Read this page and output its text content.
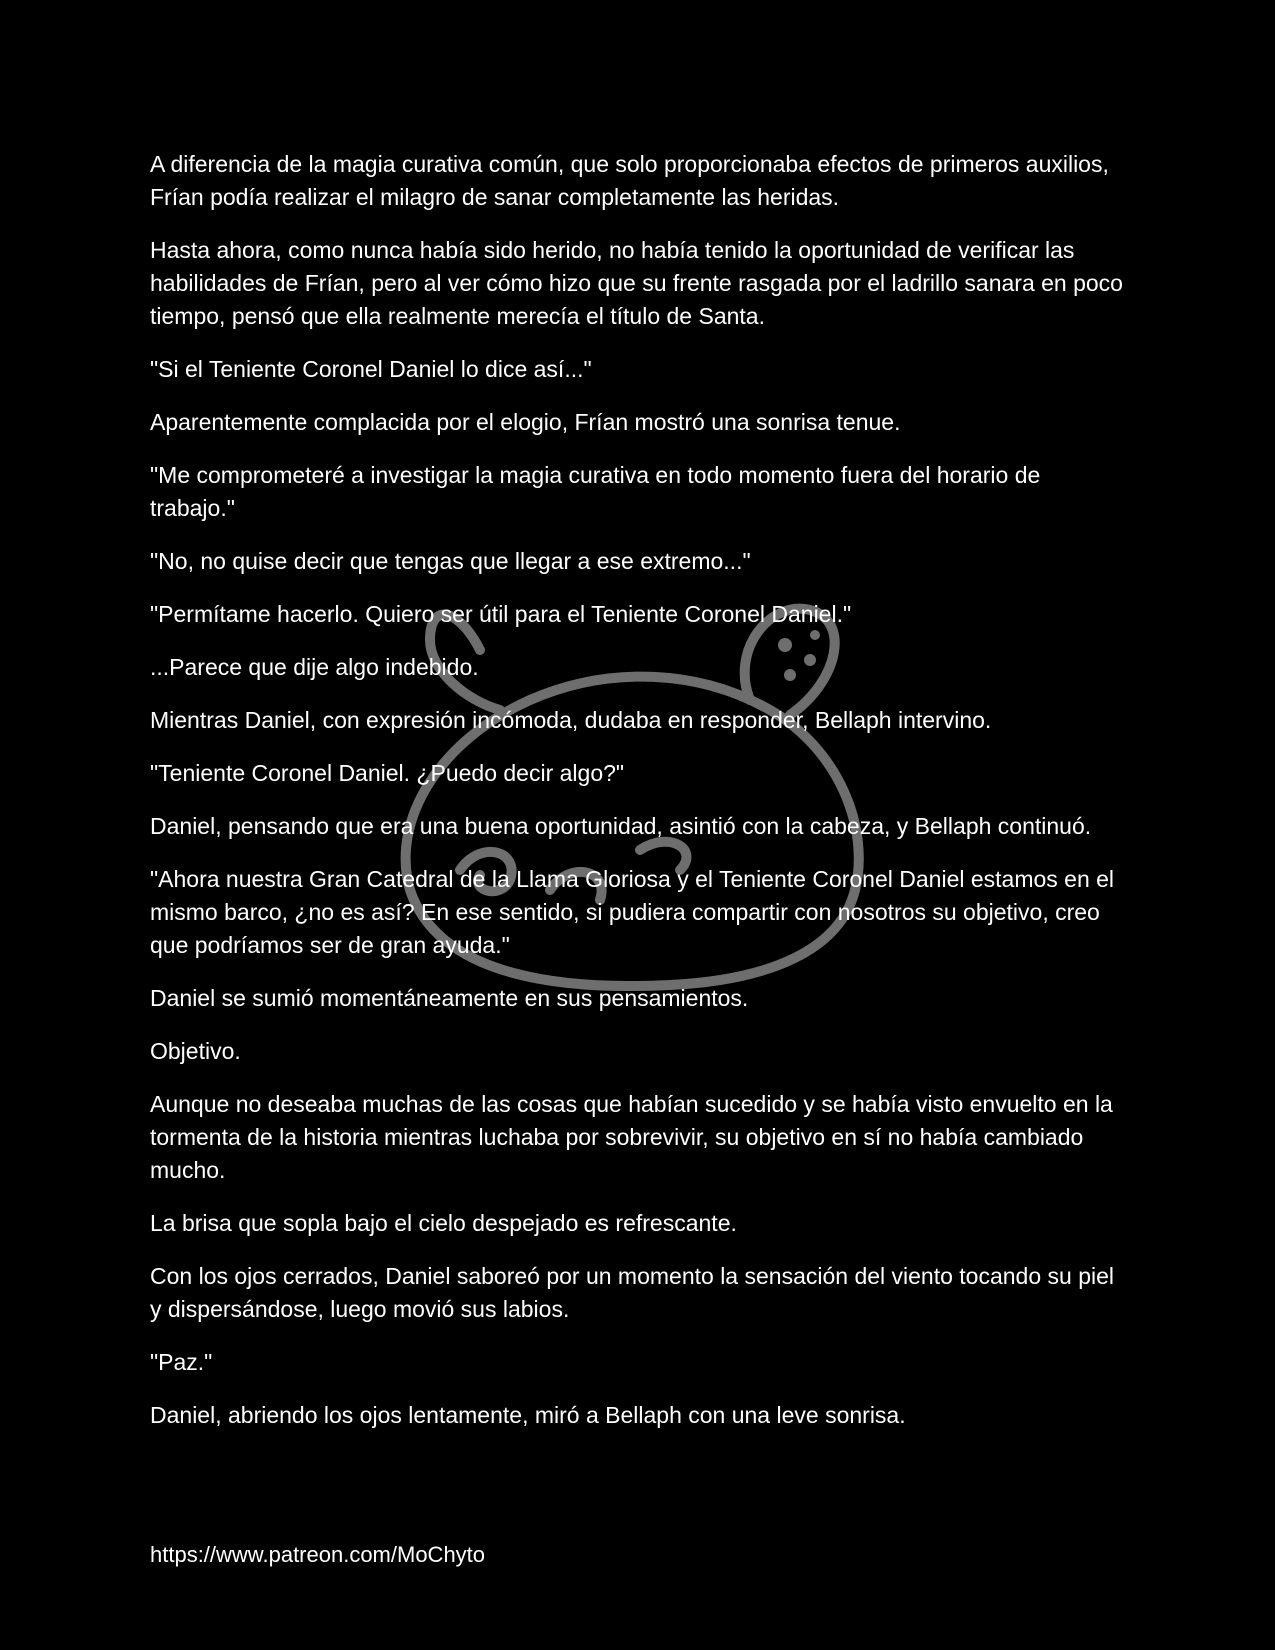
A diferencia de la magia curativa común, que solo proporcionaba efectos de primeros auxilios, Frían podía realizar el milagro de sanar completamente las heridas.

Hasta ahora, como nunca había sido herido, no había tenido la oportunidad de verificar las habilidades de Frían, pero al ver cómo hizo que su frente rasgada por el ladrillo sanara en poco tiempo, pensó que ella realmente merecía el título de Santa.

"Si el Teniente Coronel Daniel lo dice así..."

Aparentemente complacida por el elogio, Frían mostró una sonrisa tenue.

"Me comprometeré a investigar la magia curativa en todo momento fuera del horario de trabajo."

"No, no quise decir que tengas que llegar a ese extremo..."

"Permítame hacerlo. Quiero ser útil para el Teniente Coronel Daniel."

...Parece que dije algo indebido.

Mientras Daniel, con expresión incómoda, dudaba en responder, Bellaph intervino.

"Teniente Coronel Daniel. ¿Puedo decir algo?"

Daniel, pensando que era una buena oportunidad, asintió con la cabeza, y Bellaph continuó.

"Ahora nuestra Gran Catedral de la Llama Gloriosa y el Teniente Coronel Daniel estamos en el mismo barco, ¿no es así? En ese sentido, si pudiera compartir con nosotros su objetivo, creo que podríamos ser de gran ayuda."

Daniel se sumió momentáneamente en sus pensamientos.

Objetivo.

Aunque no deseaba muchas de las cosas que habían sucedido y se había visto envuelto en la tormenta de la historia mientras luchaba por sobrevivir, su objetivo en sí no había cambiado mucho.

La brisa que sopla bajo el cielo despejado es refrescante.

Con los ojos cerrados, Daniel saboreó por un momento la sensación del viento tocando su piel y dispersándose, luego movió sus labios.

"Paz."

Daniel, abriendo los ojos lentamente, miró a Bellaph con una leve sonrisa.

https://www.patreon.com/MoChyto
